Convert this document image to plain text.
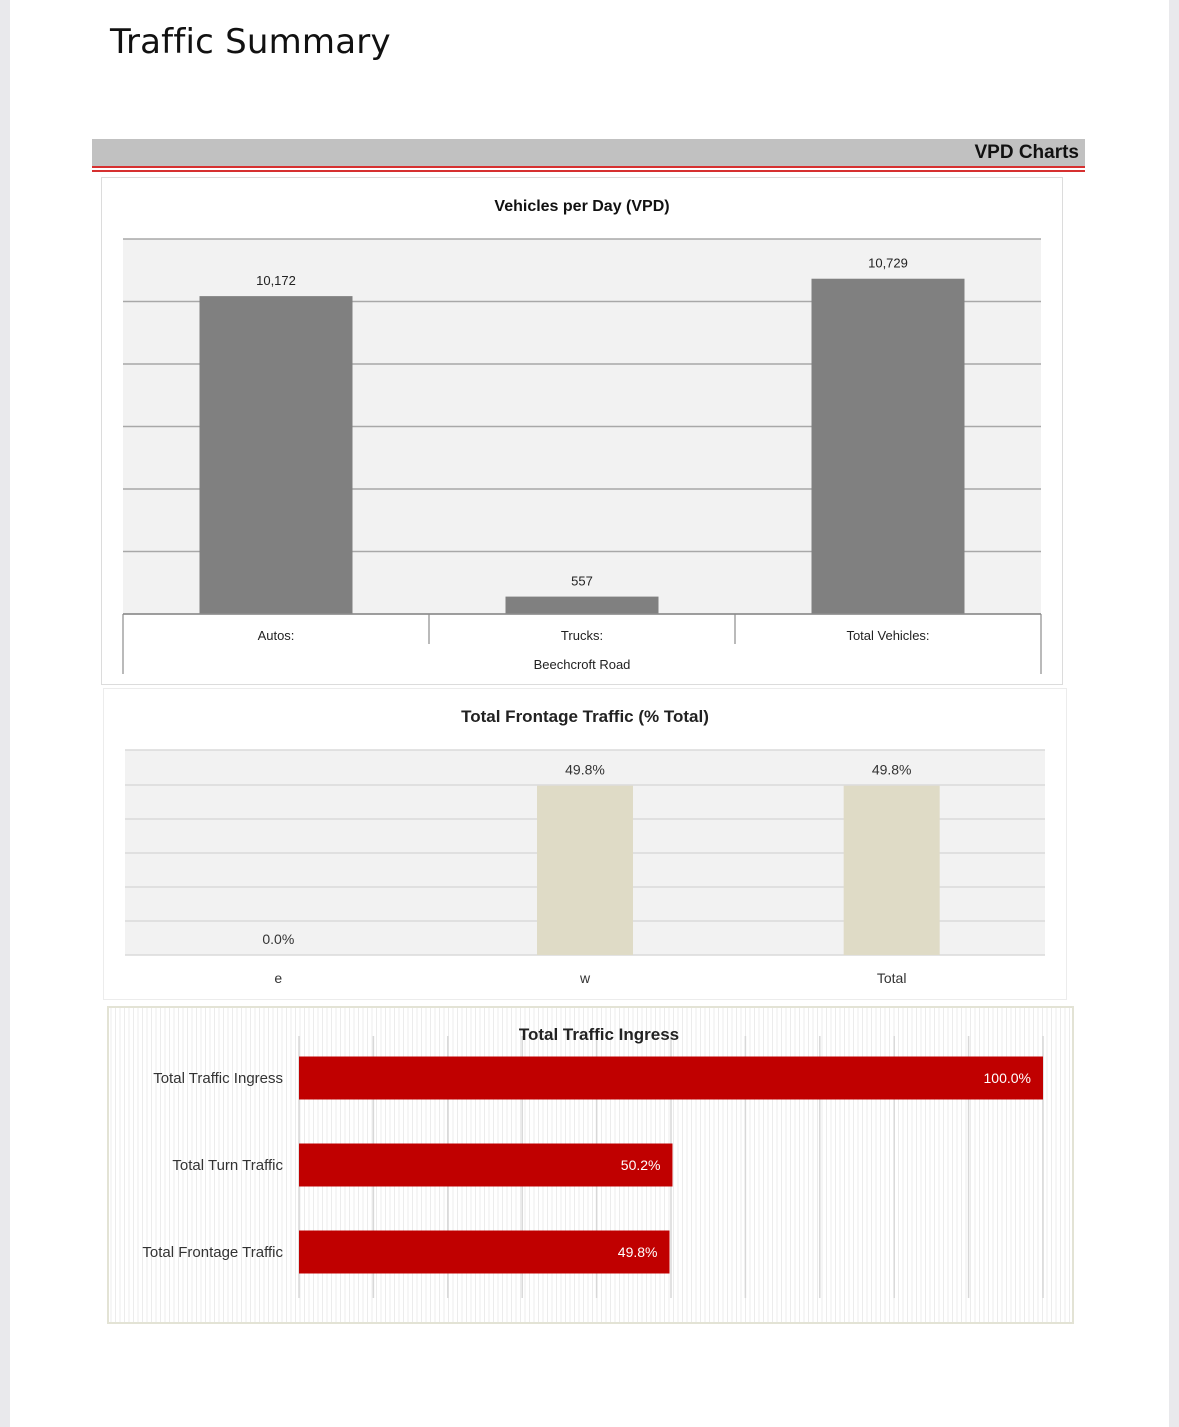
Traffic Summary
VPD Charts
Vehicles per Day (VPD)
10,172
Autos:
557
Trucks:
10,729
Total Vehicles:
Beechcroft Road
Total Frontage Traffic (% Total)
0.0%
e
49.8%
w
49.8%
Total
Total Traffic Ingress
100.0%
Total Traffic Ingress
50.2%
Total Turn Traffic
49.8%
Total Frontage Traffic
